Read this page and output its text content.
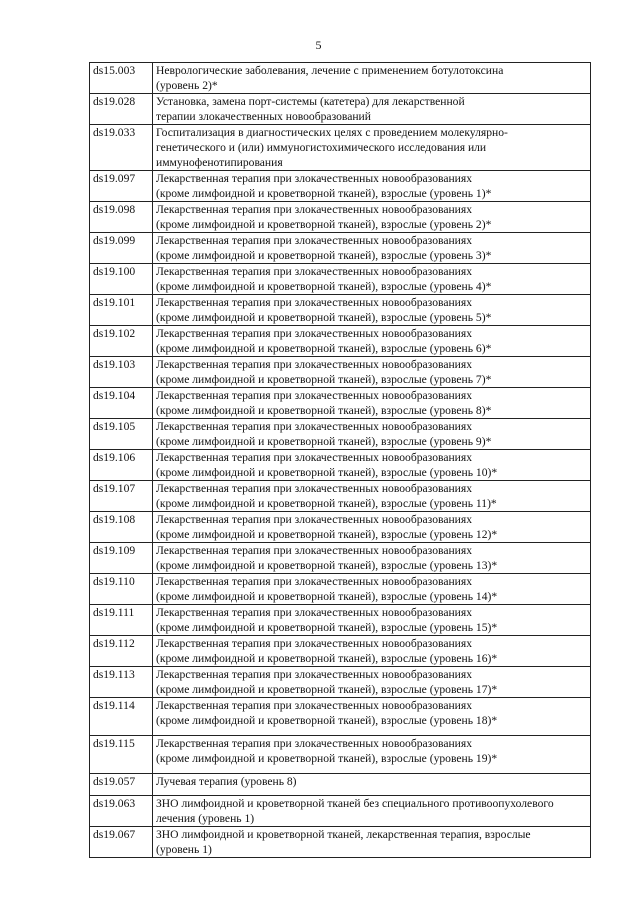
5
ds15.003	Неврологические заболевания, лечение с применением ботулотоксина
(уровень 2)*
ds19.028	Установка, замена порт-системы (катетера) для лекарственной
терапии злокачественных новообразований
ds19.033	Госпитализация в диагностических целях с проведением молекулярно-
генетического и (или) иммуногистохимического исследования или
иммунофенотипирования
ds19.097	Лекарственная терапия при злокачественных новообразованиях
(кроме лимфоидной и кроветворной тканей), взрослые (уровень 1)*
ds19.098	Лекарственная терапия при злокачественных новообразованиях
(кроме лимфоидной и кроветворной тканей), взрослые (уровень 2)*
ds19.099	Лекарственная терапия при злокачественных новообразованиях
(кроме лимфоидной и кроветворной тканей), взрослые (уровень 3)*
ds19.100	Лекарственная терапия при злокачественных новообразованиях
(кроме лимфоидной и кроветворной тканей), взрослые (уровень 4)*
ds19.101	Лекарственная терапия при злокачественных новообразованиях
(кроме лимфоидной и кроветворной тканей), взрослые (уровень 5)*
ds19.102	Лекарственная терапия при злокачественных новообразованиях
(кроме лимфоидной и кроветворной тканей), взрослые (уровень 6)*
ds19.103	Лекарственная терапия при злокачественных новообразованиях
(кроме лимфоидной и кроветворной тканей), взрослые (уровень 7)*
ds19.104	Лекарственная терапия при злокачественных новообразованиях
(кроме лимфоидной и кроветворной тканей), взрослые (уровень 8)*
ds19.105	Лекарственная терапия при злокачественных новообразованиях
(кроме лимфоидной и кроветворной тканей), взрослые (уровень 9)*
ds19.106	Лекарственная терапия при злокачественных новообразованиях
(кроме лимфоидной и кроветворной тканей), взрослые (уровень 10)*
ds19.107	Лекарственная терапия при злокачественных новообразованиях
(кроме лимфоидной и кроветворной тканей), взрослые (уровень 11)*
ds19.108	Лекарственная терапия при злокачественных новообразованиях
(кроме лимфоидной и кроветворной тканей), взрослые (уровень 12)*
ds19.109	Лекарственная терапия при злокачественных новообразованиях
(кроме лимфоидной и кроветворной тканей), взрослые (уровень 13)*
ds19.110	Лекарственная терапия при злокачественных новообразованиях
(кроме лимфоидной и кроветворной тканей), взрослые (уровень 14)*
ds19.111	Лекарственная терапия при злокачественных новообразованиях
(кроме лимфоидной и кроветворной тканей), взрослые (уровень 15)*
ds19.112	Лекарственная терапия при злокачественных новообразованиях
(кроме лимфоидной и кроветворной тканей), взрослые (уровень 16)*
ds19.113	Лекарственная терапия при злокачественных новообразованиях
(кроме лимфоидной и кроветворной тканей), взрослые (уровень 17)*
ds19.114	Лекарственная терапия при злокачественных новообразованиях
(кроме лимфоидной и кроветворной тканей), взрослые (уровень 18)*
ds19.115	Лекарственная терапия при злокачественных новообразованиях
(кроме лимфоидной и кроветворной тканей), взрослые (уровень 19)*
ds19.057	Лучевая терапия (уровень 8)
ds19.063	ЗНО лимфоидной и кроветворной тканей без специального противоопухолевого
лечения (уровень 1)
ds19.067	ЗНО лимфоидной и кроветворной тканей, лекарственная терапия, взрослые
(уровень 1)
